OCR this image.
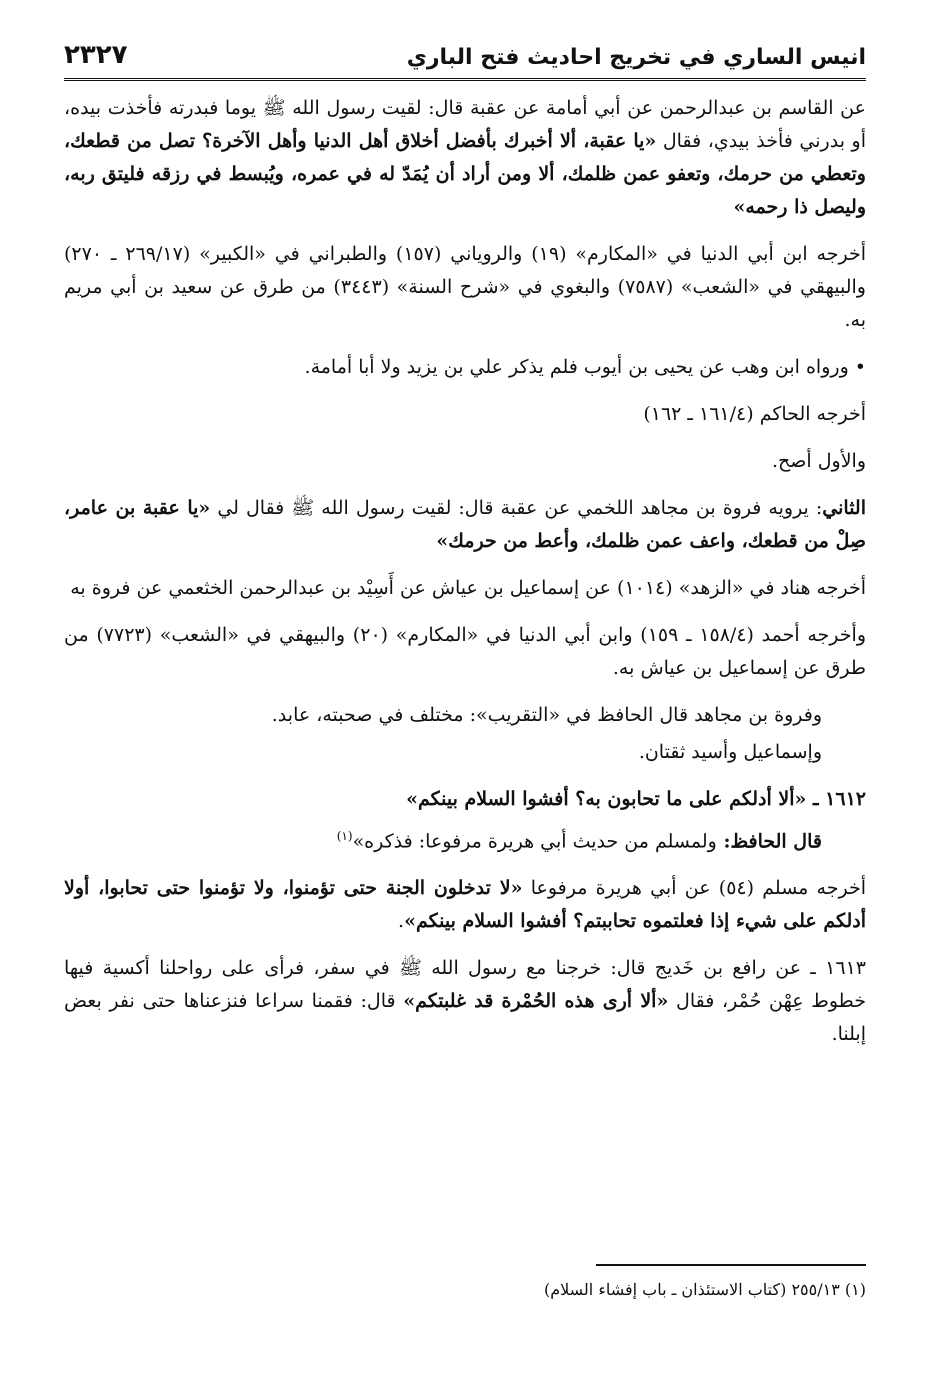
انيس الساري في تخريج احاديث فتح الباري
٢٣٢٧

عن القاسم بن عبدالرحمن عن أبي أمامة عن عقبة قال: لقيت رسول الله ﷺ يوما فبدرته فأخذت بيده، أو بدرني فأخذ بيدي، فقال «يا عقبة، ألا أخبرك بأفضل أخلاق أهل الدنيا وأهل الآخرة؟ تصل من قطعك، وتعطي من حرمك، وتعفو عمن ظلمك، ألا ومن أراد أن يُمَدّ له في عمره، ويُبسط في رزقه فليتق ربه، وليصل ذا رحمه»

أخرجه ابن أبي الدنيا في «المكارم» (١٩) والروياني (١٥٧) والطبراني في «الكبير» (٢٦٩/١٧ ـ ٢٧٠) والبيهقي في «الشعب» (٧٥٨٧) والبغوي في «شرح السنة» (٣٤٤٣) من طرق عن سعيد بن أبي مريم به.

• ورواه ابن وهب عن يحيى بن أيوب فلم يذكر علي بن يزيد ولا أبا أمامة.

أخرجه الحاكم (١٦١/٤ ـ ١٦٢)

والأول أصح.

الثاني: يرويه فروة بن مجاهد اللخمي عن عقبة قال: لقيت رسول الله ﷺ فقال لي «يا عقبة بن عامر، صِلْ من قطعك، واعف عمن ظلمك، وأعط من حرمك»

أخرجه هناد في «الزهد» (١٠١٤) عن إسماعيل بن عياش عن أَسِيْد بن عبدالرحمن الخثعمي عن فروة به

وأخرجه أحمد (١٥٨/٤ ـ ١٥٩) وابن أبي الدنيا في «المكارم» (٢٠) والبيهقي في «الشعب» (٧٧٢٣) من طرق عن إسماعيل بن عياش به.

وفروة بن مجاهد قال الحافظ في «التقريب»: مختلف في صحبته، عابد.

وإسماعيل وأسيد ثقتان.

١٦١٢ ـ «ألا أدلكم على ما تحابون به؟ أفشوا السلام بينكم»

قال الحافظ: ولمسلم من حديث أبي هريرة مرفوعا: فذكره»$^{(١)}$

أخرجه مسلم (٥٤) عن أبي هريرة مرفوعا «لا تدخلون الجنة حتى تؤمنوا، ولا تؤمنوا حتى تحابوا، أولا أدلكم على شيء إذا فعلتموه تحاببتم؟ أفشوا السلام بينكم».

١٦١٣ ـ عن رافع بن خَديج قال: خرجنا مع رسول الله ﷺ في سفر، فرأى على رواحلنا أكسية فيها خطوط عِهْن حُمْر، فقال «ألا أرى هذه الحُمْرة قد غلبتكم» قال: فقمنا سراعا فنزعناها حتى نفر بعض إبلنا.

(١) ٢٥٥/١٣ (كتاب الاستئذان ـ باب إفشاء السلام)
